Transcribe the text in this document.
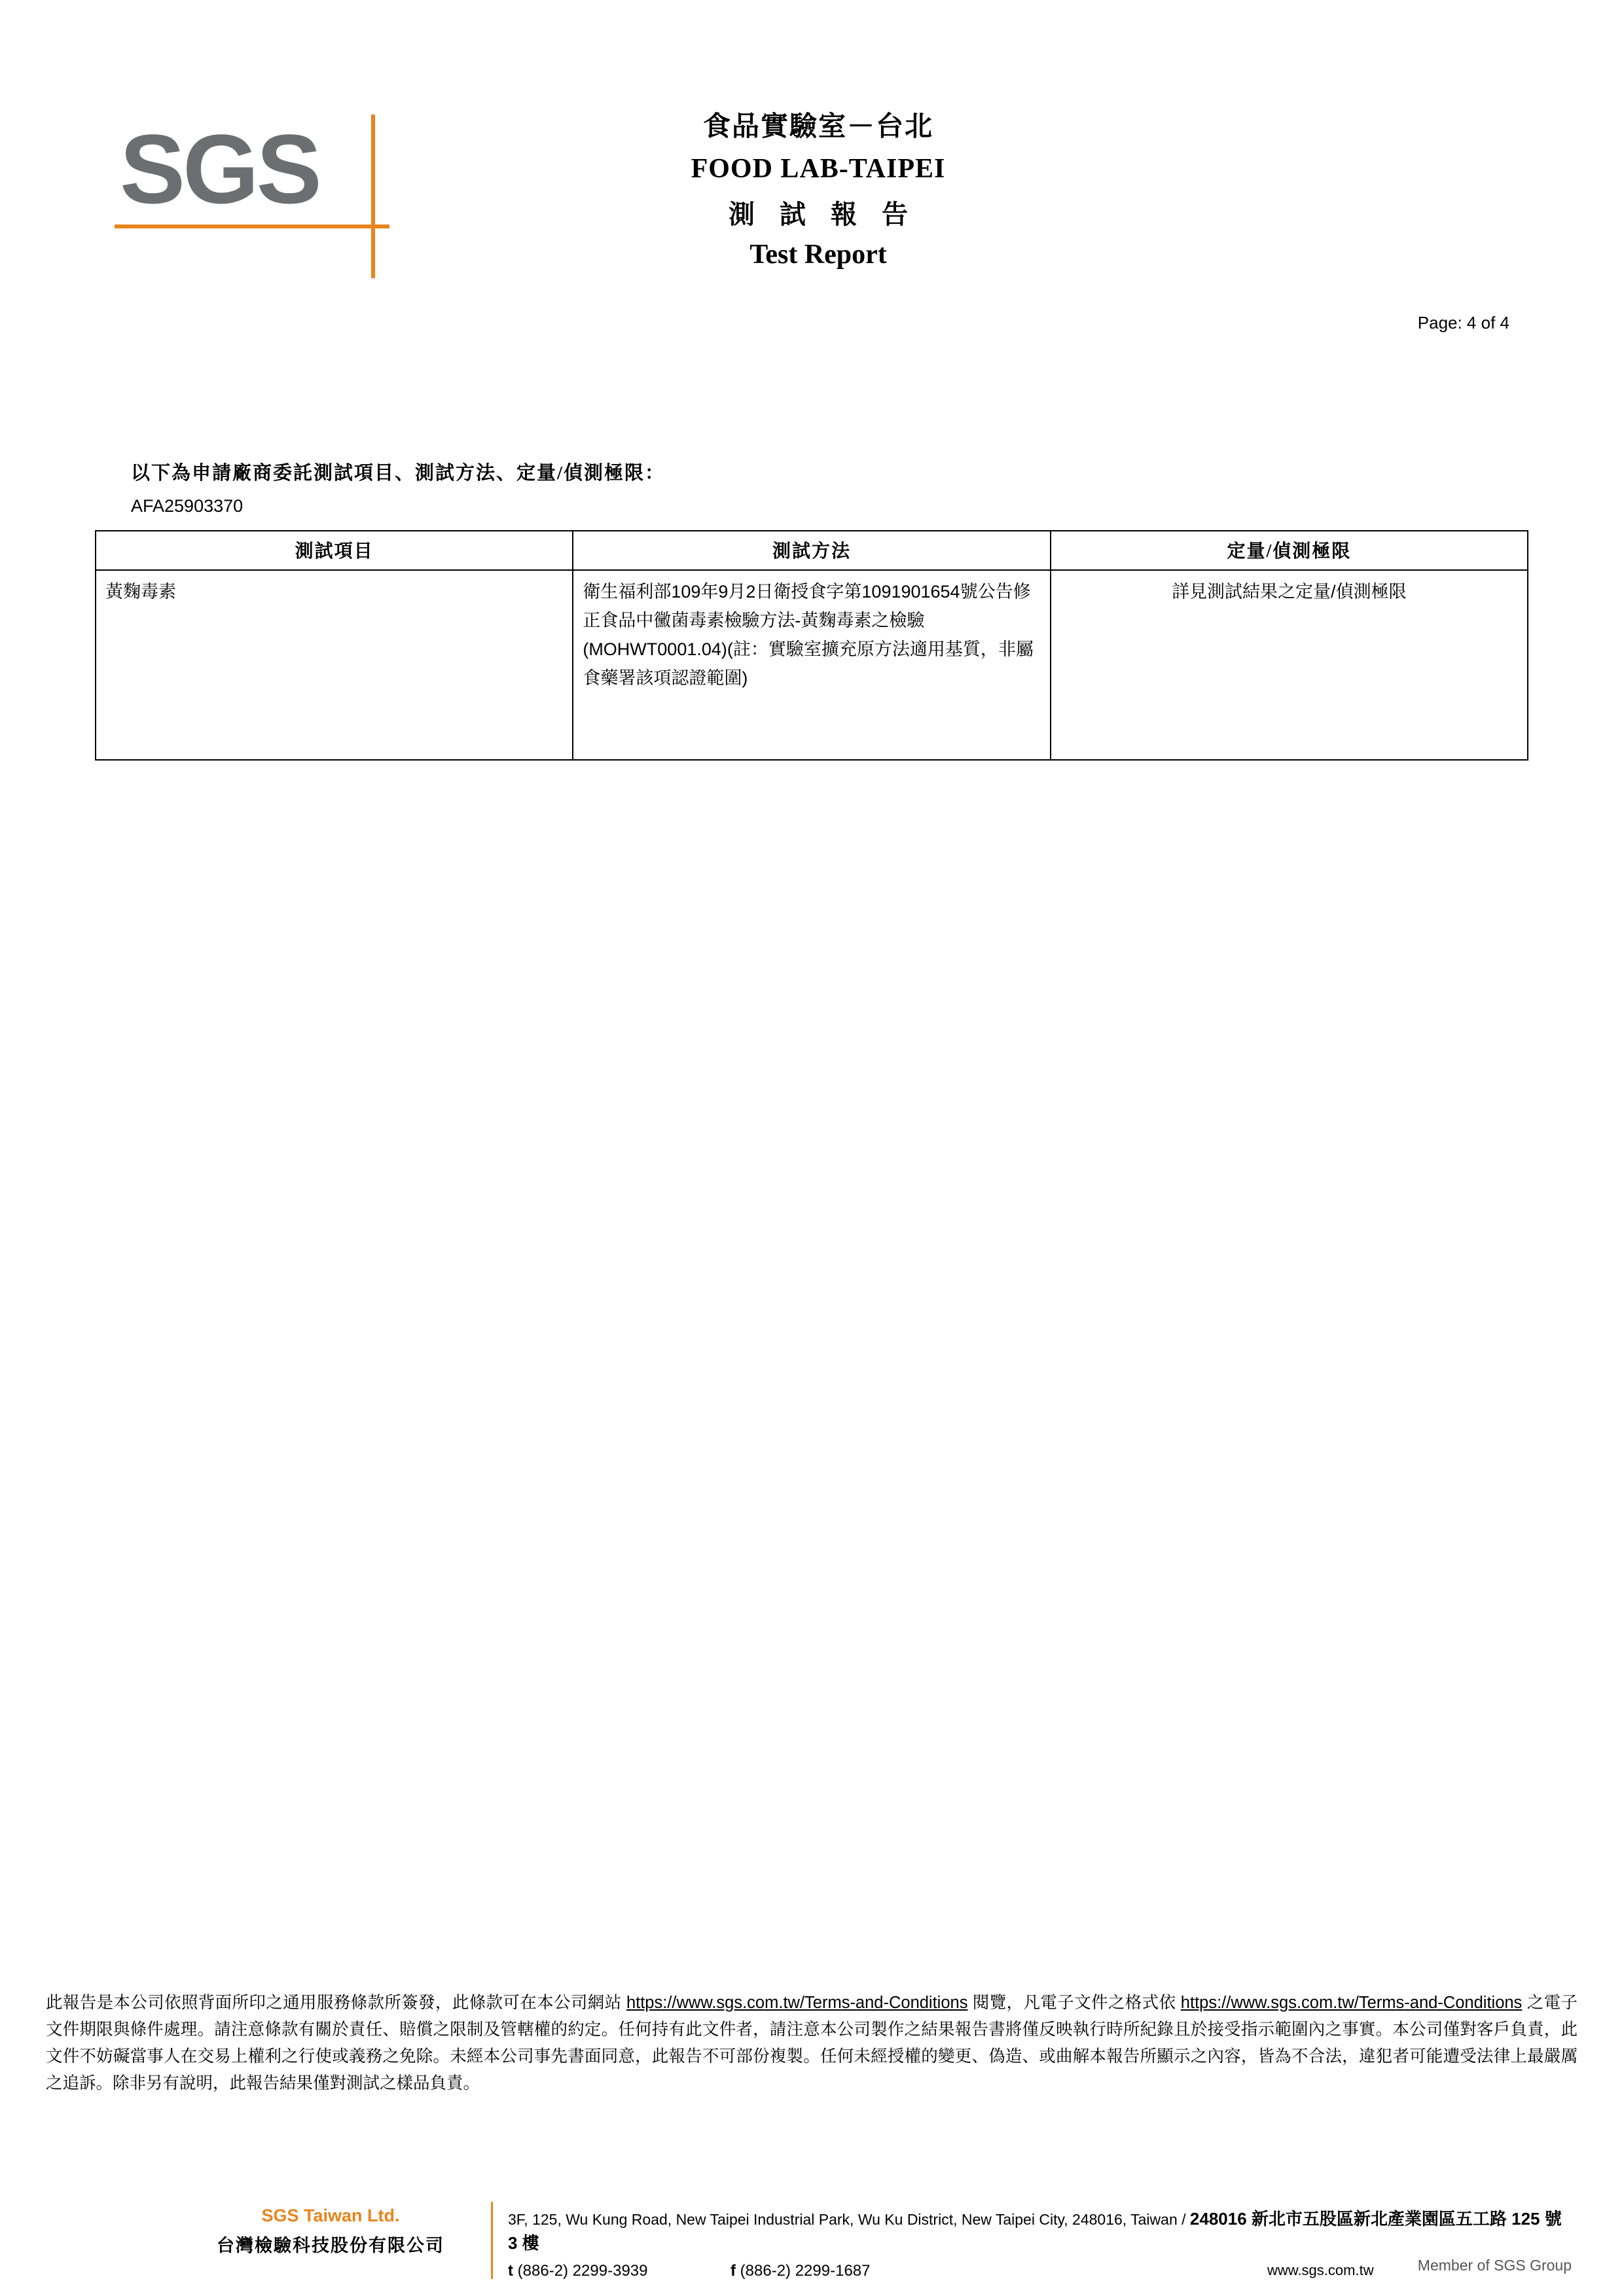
SGS	食品實驗室－台北
FOOD LAB-TAIPEI
測 試 報 告
Test Report
Page: 4 of 4
以下為申請廠商委託測試項目、測試方法、定量/偵測極限：
AFA25903370
測試項目	測試方法	定量/偵測極限
黃麴毒素	衛生福利部109年9月2日衛授食字第1091901654號公告修正食品中黴菌毒素檢驗方法-黃麴毒素之檢驗(MOHWT0001.04)(註：實驗室擴充原方法適用基質，非屬食藥署該項認證範圍)	詳見測試結果之定量/偵測極限
此報告是本公司依照背面所印之通用服務條款所簽發，此條款可在本公司網站 https://www.sgs.com.tw/Terms-and-Conditions 閱覽，凡電子文件之格式依 https://www.sgs.com.tw/Terms-and-Conditions 之電子文件期限與條件處理。請注意條款有關於責任、賠償之限制及管轄權的約定。任何持有此文件者，請注意本公司製作之結果報告書將僅反映執行時所紀錄且於接受指示範圍內之事實。本公司僅對客戶負責，此文件不妨礙當事人在交易上權利之行使或義務之免除。未經本公司事先書面同意，此報告不可部份複製。任何未經授權的變更、偽造、或曲解本報告所顯示之內容，皆為不合法，違犯者可能遭受法律上最嚴厲之追訴。除非另有說明，此報告結果僅對測試之樣品負責。
SGS Taiwan Ltd.
台灣檢驗科技股份有限公司
3F, 125, Wu Kung Road, New Taipei Industrial Park, Wu Ku District, New Taipei City, 248016, Taiwan / 248016 新北市五股區新北產業園區五工路 125 號 3 樓
t (886-2) 2299-3939	f (886-2) 2299-1687	www.sgs.com.tw	Member of SGS Group
